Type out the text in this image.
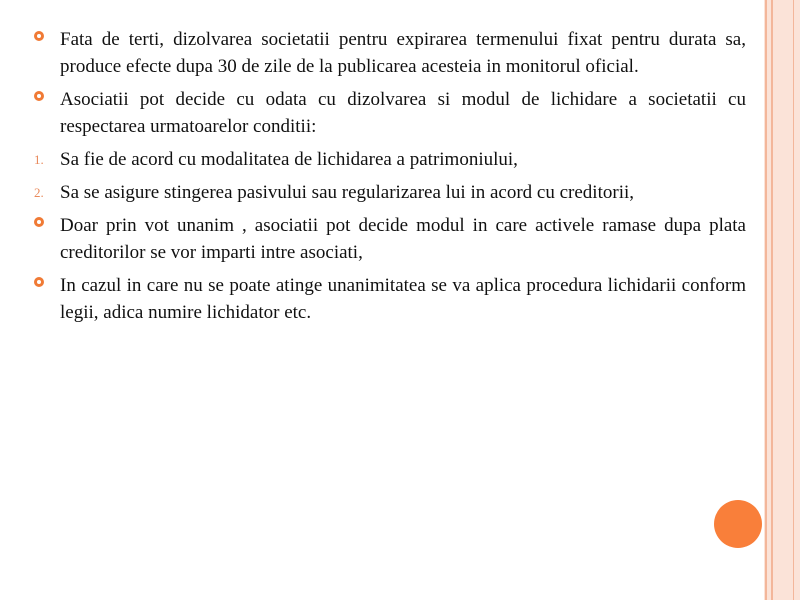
Fata de terti, dizolvarea societatii pentru expirarea termenului fixat pentru durata sa, produce efecte dupa 30 de zile de la publicarea acesteia in monitorul oficial.
Asociatii pot decide cu odata cu dizolvarea si modul de lichidare a societatii cu respectarea urmatoarelor conditii:
1. Sa fie de acord cu modalitatea de lichidarea a patrimoniului,
2. Sa se asigure stingerea pasivului sau regularizarea lui in acord cu creditorii,
Doar prin vot unanim , asociatii pot decide modul in care activele ramase dupa plata creditorilor se vor imparti intre asociati,
In cazul in care nu se poate atinge unanimitatea se va aplica procedura lichidarii conform legii, adica numire lichidator etc.
